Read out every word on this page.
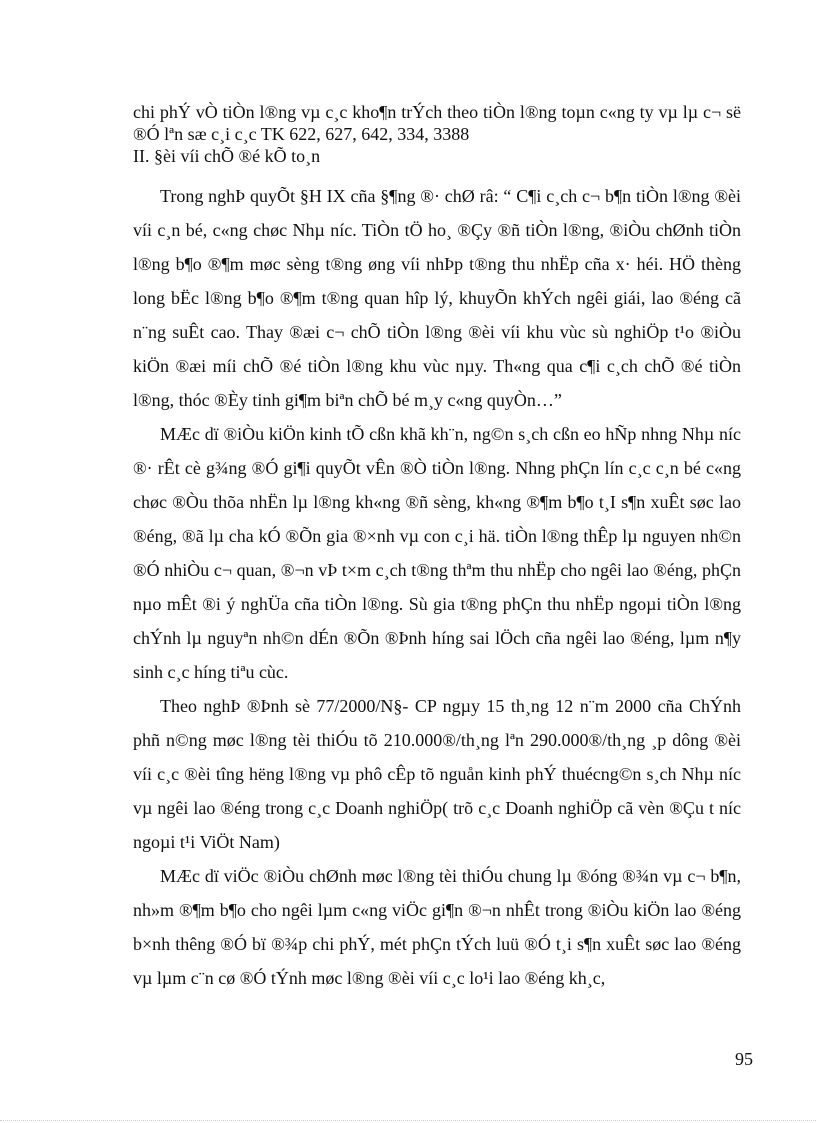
chi phÝ vÒ tiÒn l®ng vµ c¸c kho¶n trÝch theo tiÒn l®ng toµn c«ng ty vµ lµ c¬ së ®Ó lªn sæ c¸i c¸c TK 622, 627, 642, 334, 3388

II. §èi víi chÕ ®é kÕ to¸n

Trong nghÞ quyÕt §H IX cña §¶ng ®· chØ râ: “ C¶i c¸ch c¬ b¶n tiÒn l®ng ®èi víi c¸n bé, c«ng chøc Nhµ níc. TiÒn tÖ ho¸ ®Çy ®ñ tiÒn l®ng, ®iÒu chØnh tiÒn l®ng b¶o ®¶m møc sèng t®ng øng víi nhÞp t®ng thu nhËp cña x· héi. HÖ thèng long bËc l®ng b¶o ®¶m t®ng quan hîp lý, khuyÕn khÝch ngêi giái, lao ®éng cã n¨ng suÊt cao. Thay ®æi c¬ chÕ tiÒn l®ng ®èi víi khu vùc sù nghiÖp t¹o ®iÒu kiÖn ®æi míi chÕ ®é tiÒn l®ng khu vùc nµy. Th«ng qua c¶i c¸ch chÕ ®é tiÒn l®ng, thóc ®Èy tinh gi¶m biªn chÕ bé m¸y c«ng quyÒn…”

MÆc dï ®iÒu kiÖn kinh tÕ cßn khã kh¨n, ng©n s¸ch cßn eo hÑp nhng Nhµ níc ®· rÊt cè g¾ng ®Ó gi¶i quyÕt vÊn ®Ò tiÒn l®ng. Nhng phÇn lín c¸c c¸n bé c«ng chøc ®Òu thõa nhËn lµ l®ng kh«ng ®ñ sèng, kh«ng ®¶m b¶o t¸I s¶n xuÊt søc lao ®éng, ®ã lµ cha kÓ ®Õn gia ®×nh vµ con c¸i hä. tiÒn l®ng thÊp lµ nguyen nh©n ®Ó nhiÒu c¬ quan, ®¬n vÞ t×m c¸ch t®ng thªm thu nhËp cho ngêi lao ®éng, phÇn nµo mÊt ®i ý nghÜa cña tiÒn l®ng. Sù gia t®ng phÇn thu nhËp ngoµi tiÒn l®ng chÝnh lµ nguyªn nh©n dÉn ®Õn ®Þnh híng sai lÖch cña ngêi lao ®éng, lµm n¶y sinh c¸c híng tiªu cùc.

Theo nghÞ ®Þnh sè 77/2000/N§- CP ngµy 15 th¸ng 12 n¨m 2000 cña ChÝnh phñ n©ng møc l®ng tèi thiÓu tõ 210.000®/th¸ng lªn 290.000®/th¸ng ¸p dông ®èi víi c¸c ®èi tîng hëng l®ng vµ phô cÊp tõ nguån kinh phÝ thuécng©n s¸ch Nhµ níc vµ ngêi lao ®éng trong c¸c Doanh nghiÖp( trõ c¸c Doanh nghiÖp cã vèn ®Çu t níc ngoµi t¹i ViÖt Nam)

MÆc dï viÖc ®iÒu chØnh møc l®ng tèi thiÓu chung lµ ®óng ®¾n vµ c¬ b¶n, nh»m ®¶m b¶o cho ngêi lµm c«ng viÖc gi¶n ®¬n nhÊt trong ®iÒu kiÖn lao ®éng b×nh thêng ®Ó bï ®¾p chi phÝ, mét phÇn tÝch luü ®Ó t¸i s¶n xuÊt søc lao ®éng vµ lµm c¨n cø ®Ó tÝnh møc l®ng ®èi víi c¸c lo¹i lao ®éng kh¸c,

95
